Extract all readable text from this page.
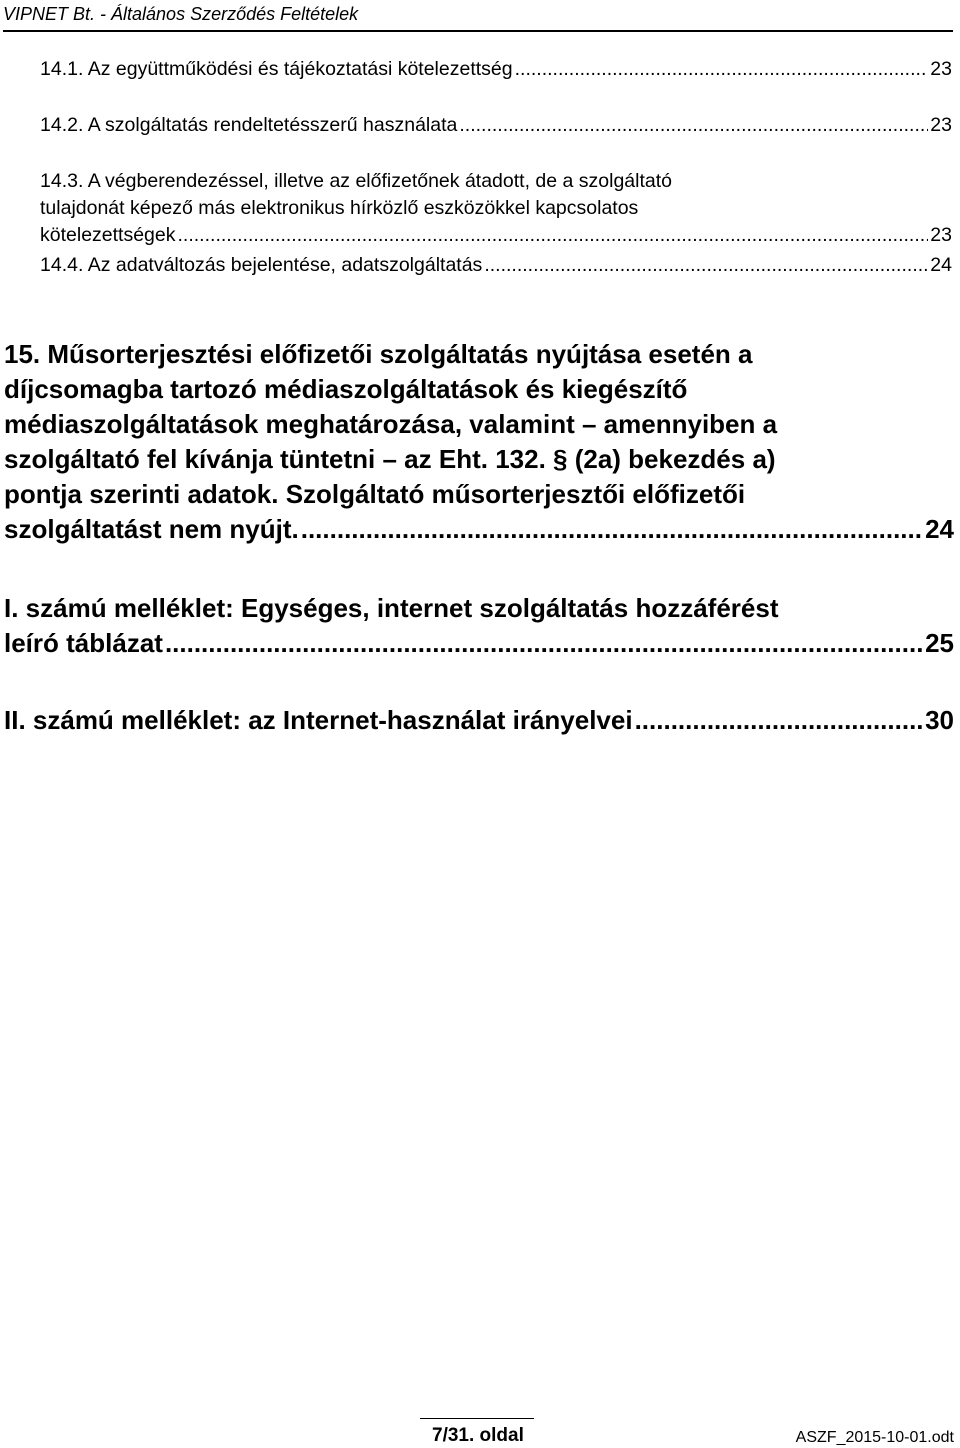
VIPNET Bt. - Általános Szerződés Feltételek
14.1. Az együttműködési és tájékoztatási kötelezettség .....	23
14.2. A szolgáltatás rendeltetésszerű használata .....	23
14.3. A végberendezéssel, illetve az előfizetőnek átadott, de a szolgáltató
tulajdonát képező más elektronikus hírközlő eszközökkel kapcsolatos
kötelezettségek .....	23
14.4. Az adatváltozás bejelentése, adatszolgáltatás .....	24
15. Műsorterjesztési előfizetői szolgáltatás nyújtása esetén a
díjcsomagba tartozó médiaszolgáltatások és kiegészítő
médiaszolgáltatások meghatározása, valamint – amennyiben a
szolgáltató fel kívánja tüntetni – az Eht. 132. § (2a) bekezdés a)
pontja szerinti adatok. Szolgáltató műsorterjesztői előfizetői
szolgáltatást nem nyújt. .....	24
I. számú melléklet: Egységes, internet szolgáltatás hozzáférést
leíró táblázat .....	25
II. számú melléklet: az Internet-használat irányelvei .....	30
7/31. oldal	ASZF_2015-10-01.odt
